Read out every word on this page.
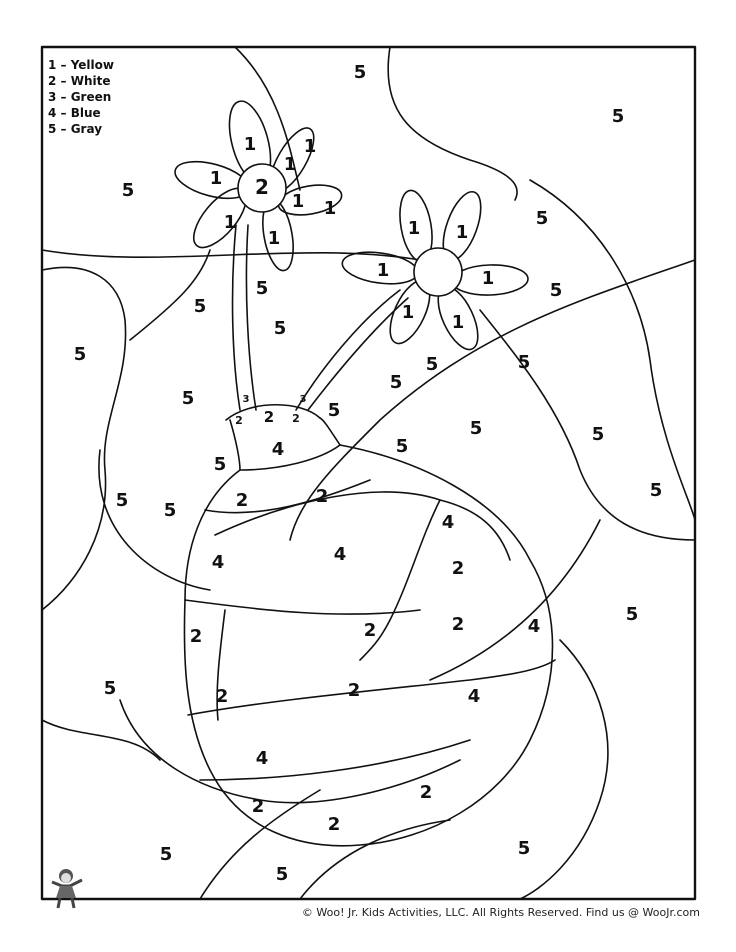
1	1
1
1 2
1 1
1
1	1 1
1	1
1 1
3	3
2 2 2
4
2	2
4
4	4
2
2	2	2	4
2	2	4
4
2
2
2
5
5
5
5
5	5
5
5
5	5	5
5
5
5
5	5
5
5
5
5 5
5
5
5	5
5
1 – Yellow
2 – White
3 – Green
4 – Blue
5 – Gray
© Woo! Jr. Kids Activities, LLC. All Rights Reserved. Find us @ WooJr.com
